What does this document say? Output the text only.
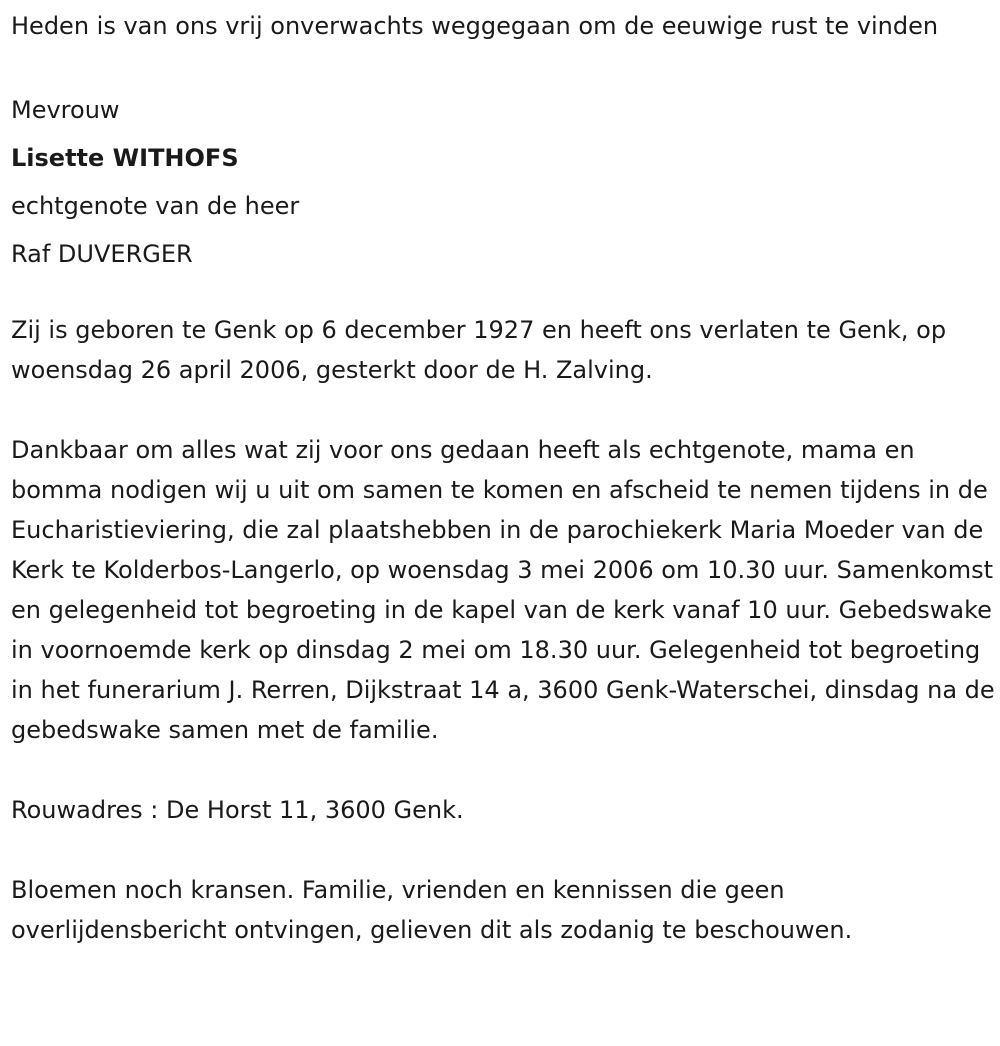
Heden is van ons vrij onverwachts weggegaan om de eeuwige rust te vinden

Mevrouw

Lisette WITHOFS

echtgenote van de heer

Raf DUVERGER

Zij is geboren te Genk op 6 december 1927 en heeft ons verlaten te Genk, op woensdag 26 april 2006, gesterkt door de H. Zalving.

Dankbaar om alles wat zij voor ons gedaan heeft als echtgenote, mama en bomma nodigen wij u uit om samen te komen en afscheid te nemen tijdens in de Eucharistieviering, die zal plaatshebben in de parochiekerk Maria Moeder van de Kerk te Kolderbos-Langerlo, op woensdag 3 mei 2006 om 10.30 uur. Samenkomst en gelegenheid tot begroeting in de kapel van de kerk vanaf 10 uur. Gebedswake in voornoemde kerk op dinsdag 2 mei om 18.30 uur. Gelegenheid tot begroeting in het funerarium J. Rerren, Dijkstraat 14 a, 3600 Genk-Waterschei, dinsdag na de gebedswake samen met de familie.

Rouwadres : De Horst 11, 3600 Genk.

Bloemen noch kransen. Familie, vrienden en kennissen die geen overlijdensbericht ontvingen, gelieven dit als zodanig te beschouwen.
